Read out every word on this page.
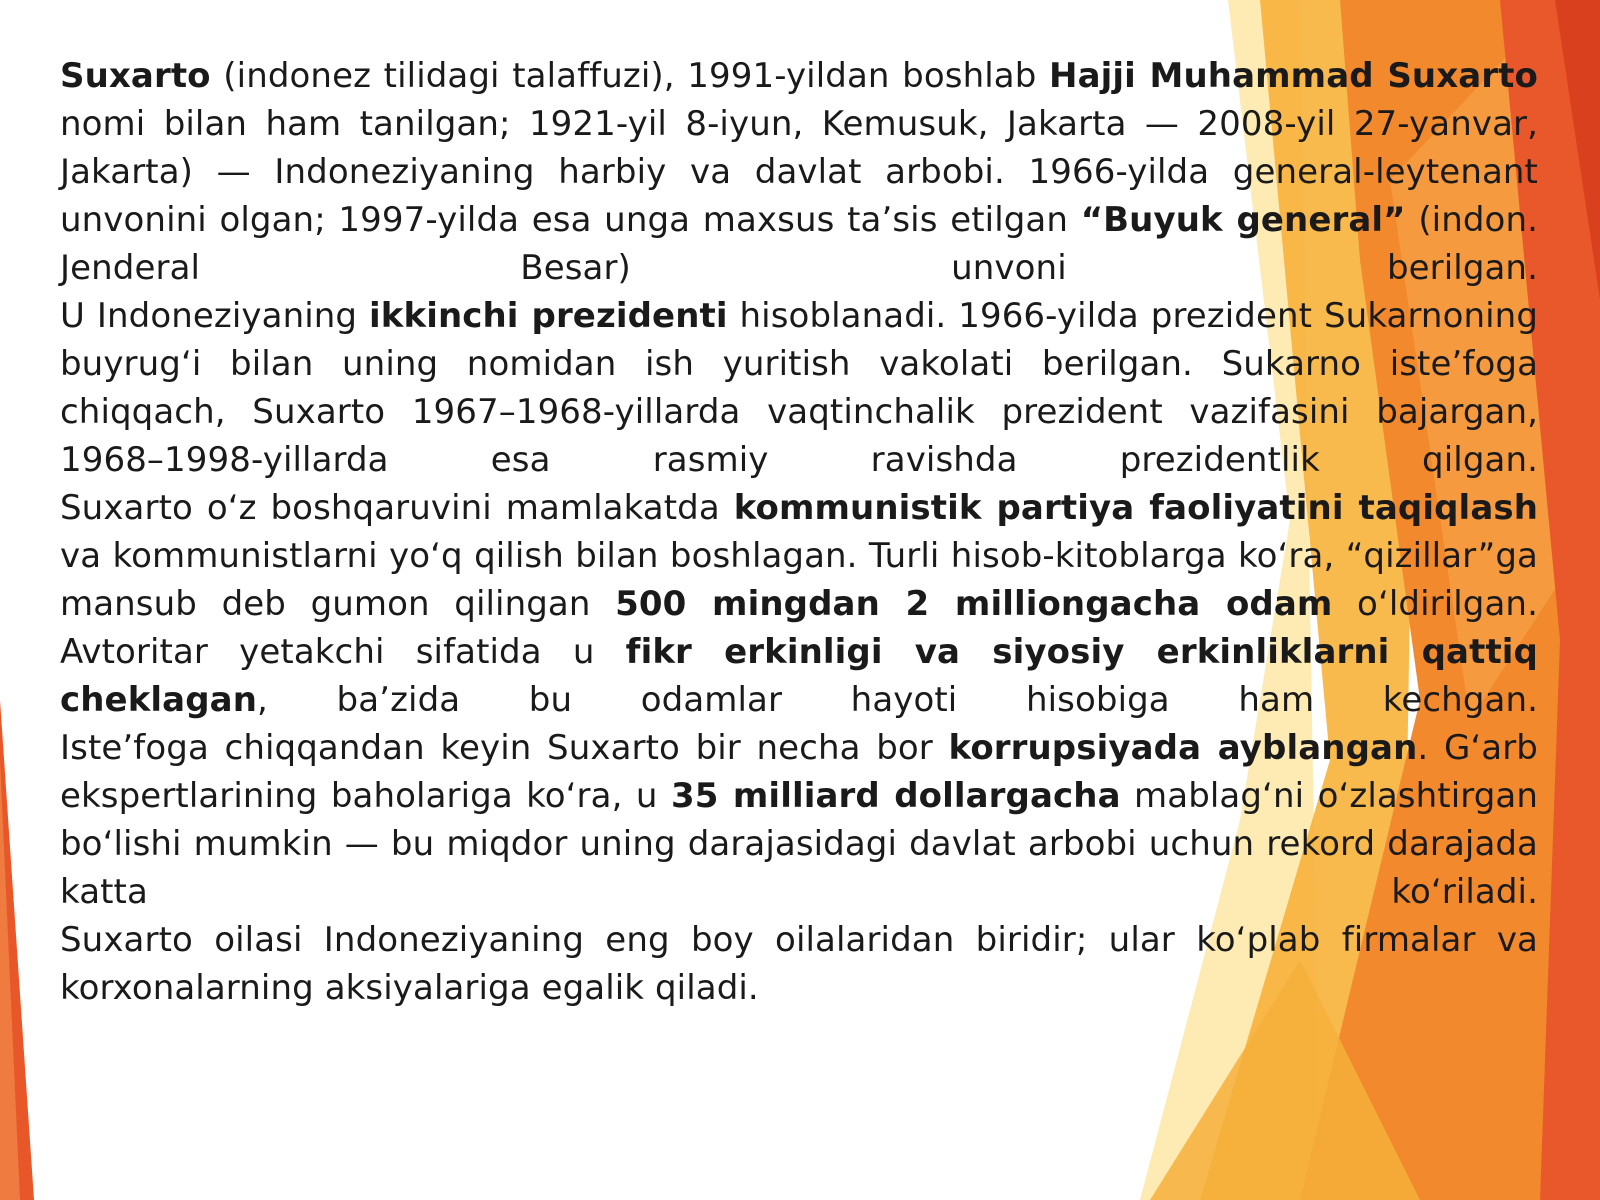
Suxarto (indonez tilidagi talaffuzi), 1991-yildan boshlab Hajji Muhammad Suxarto nomi bilan ham tanilgan; 1921-yil 8-iyun, Kemusuk, Jakarta — 2008-yil 27-yanvar, Jakarta) — Indoneziyaning harbiy va davlat arbobi. 1966-yilda general-leytenant unvonini olgan; 1997-yilda esa unga maxsus ta’sis etilgan “Buyuk general” (indon. Jenderal Besar) unvoni berilgan.

U Indoneziyaning ikkinchi prezidenti hisoblanadi. 1966-yilda prezident Sukarnoning buyrug‘i bilan uning nomidan ish yuritish vakolati berilgan. Sukarno iste’foga chiqqach, Suxarto 1967–1968-yillarda vaqtinchalik prezident vazifasini bajargan, 1968–1998-yillarda esa rasmiy ravishda prezidentlik qilgan.

Suxarto o‘z boshqaruvini mamlakatda kommunistik partiya faoliyatini taqiqlash va kommunistlarni yo‘q qilish bilan boshlagan. Turli hisob-kitoblarga ko‘ra, “qizillar”ga mansub deb gumon qilingan 500 mingdan 2 milliongacha odam o‘ldirilgan.

Avtoritar yetakchi sifatida u fikr erkinligi va siyosiy erkinliklarni qattiq cheklagan, ba’zida bu odamlar hayoti hisobiga ham kechgan.

Iste’foga chiqqandan keyin Suxarto bir necha bor korrupsiyada ayblangan. G‘arb ekspertlarining baholariga ko‘ra, u 35 milliard dollargacha mablag‘ni o‘zlashtirgan bo‘lishi mumkin — bu miqdor uning darajasidagi davlat arbobi uchun rekord darajada katta ko‘riladi.

Suxarto oilasi Indoneziyaning eng boy oilalaridan biridir; ular ko‘plab firmalar va korxonalarning aksiyalariga egalik qiladi.
